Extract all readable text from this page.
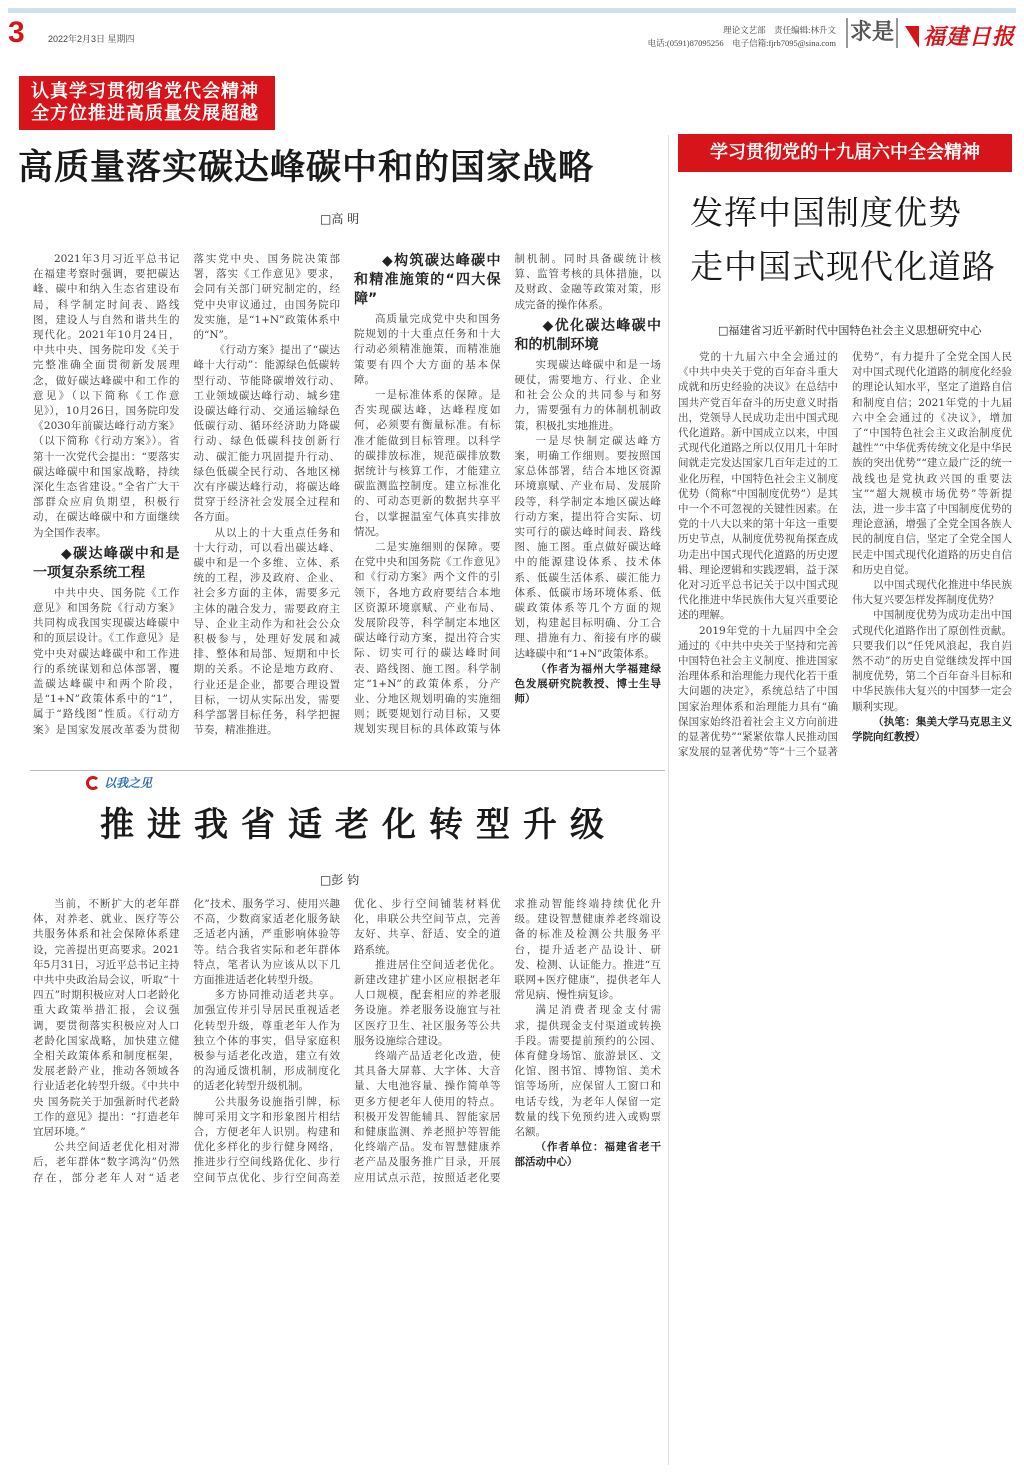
3	2022年2月3日 星期四
理论文艺部　责任编辑:林升文
电话:(0591)87095256　电子信箱:fjrb7095@sina.com 求是	福建日报
认真学习贯彻省党代会精神
全方位推进高质量发展超越
高质量落实碳达峰碳中和的国家战略
□高 明

2021年3月习近平总书记在福建考察时强调，要把碳达峰、碳中和纳入生态省建设布局，科学制定时间表、路线图，建设人与自然和谐共生的现代化。2021年10月24日，中共中央、国务院印发《关于完整准确全面贯彻新发展理念，做好碳达峰碳中和工作的意见》（以下简称《工作意见》），10月26日，国务院印发《2030年前碳达峰行动方案》（以下简称《行动方案》）。省第十一次党代会提出：“要落实碳达峰碳中和国家战略，持续深化生态省建设。”全省广大干部群众应肩负期望，积极行动，在碳达峰碳中和方面继续为全国作表率。

◆碳达峰碳中和是一项复杂系统工程

中共中央、国务院《工作意见》和国务院《行动方案》共同构成我国实现碳达峰碳中和的顶层设计。《工作意见》是党中央对碳达峰碳中和工作进行的系统谋划和总体部署，覆盖碳达峰碳中和两个阶段，是“1+N”政策体系中的“1”，属于“路线图”性质。《行动方案》是国家发展改革委为贯彻落实党中央、国务院决策部署，落实《工作意见》要求，会同有关部门研究制定的，经党中央审议通过，由国务院印发实施，是“1+N”政策体系中的“N”。

《行动方案》提出了“碳达峰十大行动”：能源绿色低碳转型行动、节能降碳增效行动、工业领域碳达峰行动、城乡建设碳达峰行动、交通运输绿色低碳行动、循环经济助力降碳行动、绿色低碳科技创新行动、碳汇能力巩固提升行动、绿色低碳全民行动、各地区梯次有序碳达峰行动，将碳达峰贯穿于经济社会发展全过程和各方面。

从以上的十大重点任务和十大行动，可以看出碳达峰、碳中和是一个多维、立体、系统的工程，涉及政府、企业、社会多方面的主体，需要多元主体的融合发力，需要政府主导、企业主动作为和社会公众积极参与，处理好发展和减排、整体和局部、短期和中长期的关系。不论是地方政府、行业还是企业，都要合理设置目标，一切从实际出发，需要科学部署目标任务，科学把握节奏，精准推进。

◆构筑碳达峰碳中和精准施策的“四大保障”

高质量完成党中央和国务院规划的十大重点任务和十大行动必须精准施策，而精准施策要有四个大方面的基本保障。

一是标准体系的保障。是否实现碳达峰，达峰程度如何，必须要有衡量标准。有标准才能做到目标管理。以科学的碳排放标准，规范碳排放数据统计与核算工作，才能建立碳监测监控制度。建立标准化的、可动态更新的数据共享平台，以掌握温室气体真实排放情况。

二是实施细则的保障。要在党中央和国务院《工作意见》和《行动方案》两个文件的引领下，各地方政府要结合本地区资源环境禀赋、产业布局、发展阶段等，科学制定本地区碳达峰行动方案，提出符合实际、切实可行的碳达峰时间表、路线图、施工图。科学制定“1+N”的政策体系，分产业、分地区规划明确的实施细则；既要规划行动目标，又要规划实现目标的具体政策与体制机制。同时具备碳统计核算、监管考核的具体措施，以及财政、金融等政策对策，形成完备的操作体系。

◆优化碳达峰碳中和的机制环境

实现碳达峰碳中和是一场硬仗，需要地方、行业、企业和社会公众的共同参与和努力，需要强有力的体制机制政策，积极扎实地推进。

一是尽快制定碳达峰方案，明确工作细则。要按照国家总体部署，结合本地区资源环境禀赋、产业布局、发展阶段等，科学制定本地区碳达峰行动方案，提出符合实际、切实可行的碳达峰时间表、路线图、施工图。重点做好碳达峰中的能源建设体系、技术体系、低碳生活体系、碳汇能力体系、低碳市场环境体系、低碳政策体系等几个方面的规划，构建起目标明确、分工合理、措施有力、衔接有序的碳达峰碳中和“1+N”政策体系。

（作者为福州大学福建绿色发展研究院教授、博士生导师）

以我之见
推进我省适老化转型升级
□彭 钧

当前，不断扩大的老年群体，对养老、就业、医疗等公共服务体系和社会保障体系建设，完善提出更高要求。2021年5月31日，习近平总书记主持中共中央政治局会议，听取“十四五”时期积极应对人口老龄化重大政策举措汇报，会议强调，要贯彻落实积极应对人口老龄化国家战略，加快建立健全相关政策体系和制度框架，发展老龄产业，推动各领域各行业适老化转型升级。《中共中央 国务院关于加强新时代老龄工作的意见》提出：“打造老年宜居环境。”

公共空间适老优化相对滞后，老年群体“数字鸿沟”仍然存在，部分老年人对“适老化”技术、服务学习、使用兴趣不高，少数商家适老化服务缺乏适老内涵，严重影响体验等等。结合我省实际和老年群体特点，笔者认为应该从以下几方面推进适老化转型升级。

多方协同推动适老共享。加强宣传并引导居民重视适老化转型升级，尊重老年人作为独立个体的事实，倡导家庭积极参与适老化改造，建立有效的沟通反馈机制，形成制度化的适老化转型升级机制。

公共服务设施指引牌，标牌可采用文字和形象图片相结合，方便老年人识别。构建和优化多样化的步行健身网络，推进步行空间线路优化、步行空间节点优化、步行空间高差优化、步行空间铺装材料优化，串联公共空间节点，完善友好、共享、舒适、安全的道路系统。

推进居住空间适老优化。新建改建扩建小区应根据老年人口规模，配套相应的养老服务设施。养老服务设施宜与社区医疗卫生、社区服务等公共服务设施综合建设。

终端产品适老化改造，使其具备大屏幕、大字体、大音量、大电池容量、操作简单等更多方便老年人使用的特点。积极开发智能辅具、智能家居和健康监测、养老照护等智能化终端产品。发布智慧健康养老产品及服务推广目录，开展应用试点示范，按照适老化要求推动智能终端持续优化升级。建设智慧健康养老终端设备的标准及检测公共服务平台，提升适老产品设计、研发、检测、认证能力。推进“互联网+医疗健康”，提供老年人常见病、慢性病复诊。

满足消费者现金支付需求，提供现金支付渠道或转换手段。需要提前预约的公园、体育健身场馆、旅游景区、文化馆、图书馆、博物馆、美术馆等场所，应保留人工窗口和电话专线，为老年人保留一定数量的线下免预约进入或购票名额。

（作者单位：福建省老干部活动中心）

学习贯彻党的十九届六中全会精神
发挥中国制度优势
走中国式现代化道路
□福建省习近平新时代中国特色社会主义思想研究中心

党的十九届六中全会通过的《中共中央关于党的百年奋斗重大成就和历史经验的决议》在总结中国共产党百年奋斗的历史意义时指出，党领导人民成功走出中国式现代化道路。新中国成立以来，中国式现代化道路之所以仅用几十年时间就走完发达国家几百年走过的工业化历程，中国特色社会主义制度优势（简称“中国制度优势”）是其中一个不可忽视的关键性因素。在党的十八大以来的第十年这一重要历史节点，从制度优势视角探查成功走出中国式现代化道路的历史逻辑、理论逻辑和实践逻辑，益于深化对习近平总书记关于以中国式现代化推进中华民族伟大复兴重要论述的理解。

2019年党的十九届四中全会通过的《中共中央关于坚持和完善中国特色社会主义制度、推进国家治理体系和治理能力现代化若干重大问题的决定》，系统总结了中国国家治理体系和治理能力具有“确保国家始终沿着社会主义方向前进的显著优势”“紧紧依靠人民推动国家发展的显著优势”等“十三个显著优势”，有力提升了全党全国人民对中国式现代化道路的制度化经验的理论认知水平，坚定了道路自信和制度自信；2021年党的十九届六中全会通过的《决议》，增加了“中国特色社会主义政治制度优越性”“中华优秀传统文化是中华民族的突出优势”“建立最广泛的统一战线也是党执政兴国的重要法宝”“超大规模市场优势”等新提法，进一步丰富了中国制度优势的理论意涵，增强了全党全国各族人民的制度自信，坚定了全党全国人民走中国式现代化道路的历史自信和历史自觉。

以中国式现代化推进中华民族伟大复兴要怎样发挥制度优势？

中国制度优势为成功走出中国式现代化道路作出了原创性贡献。只要我们以“任凭风浪起，我自岿然不动”的历史自觉继续发挥中国制度优势，第二个百年奋斗目标和中华民族伟大复兴的中国梦一定会顺利实现。

（执笔：集美大学马克思主义学院向红教授）
